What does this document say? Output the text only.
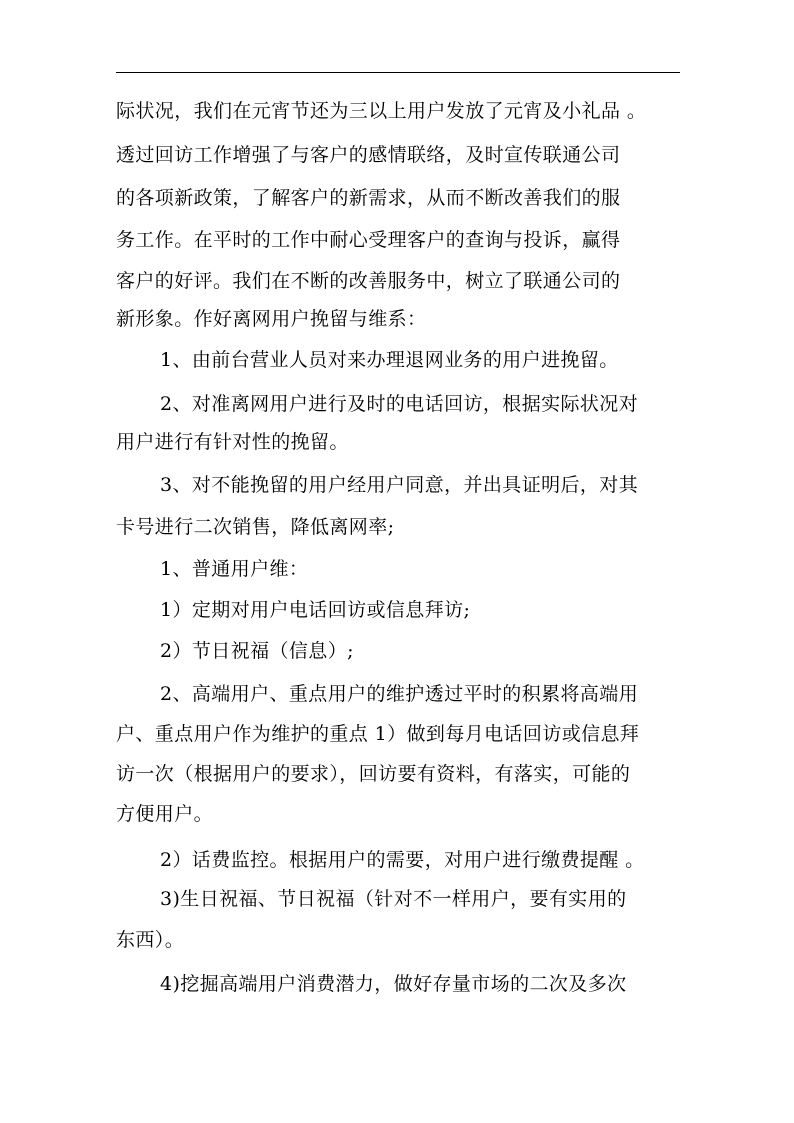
际状况，我们在元宵节还为三以上用户发放了元宵及小礼品 。
透过回访工作增强了与客户的感情联络，及时宣传联通公司
的各项新政策，了解客户的新需求，从而不断改善我们的服
务工作。在平时的工作中耐心受理客户的查询与投诉，赢得
客户的好评。我们在不断的改善服务中，树立了联通公司的
新形象。作好离网用户挽留与维系：
1、由前台营业人员对来办理退网业务的用户进挽留。
2、对准离网用户进行及时的电话回访，根据实际状况对
用户进行有针对性的挽留。
3、对不能挽留的用户经用户同意，并出具证明后，对其
卡号进行二次销售，降低离网率;
1、普通用户维：
1）定期对用户电话回访或信息拜访;
2）节日祝福（信息）;
2、高端用户、重点用户的维护透过平时的积累将高端用
户、重点用户作为维护的重点 1）做到每月电话回访或信息拜
访一次（根据用户的要求），回访要有资料，有落实，可能的
方便用户。
2）话费监控。根据用户的需要，对用户进行缴费提醒 。
3)生日祝福、节日祝福（针对不一样用户，要有实用的
东西）。
4)挖掘高端用户消费潜力，做好存量市场的二次及多次
